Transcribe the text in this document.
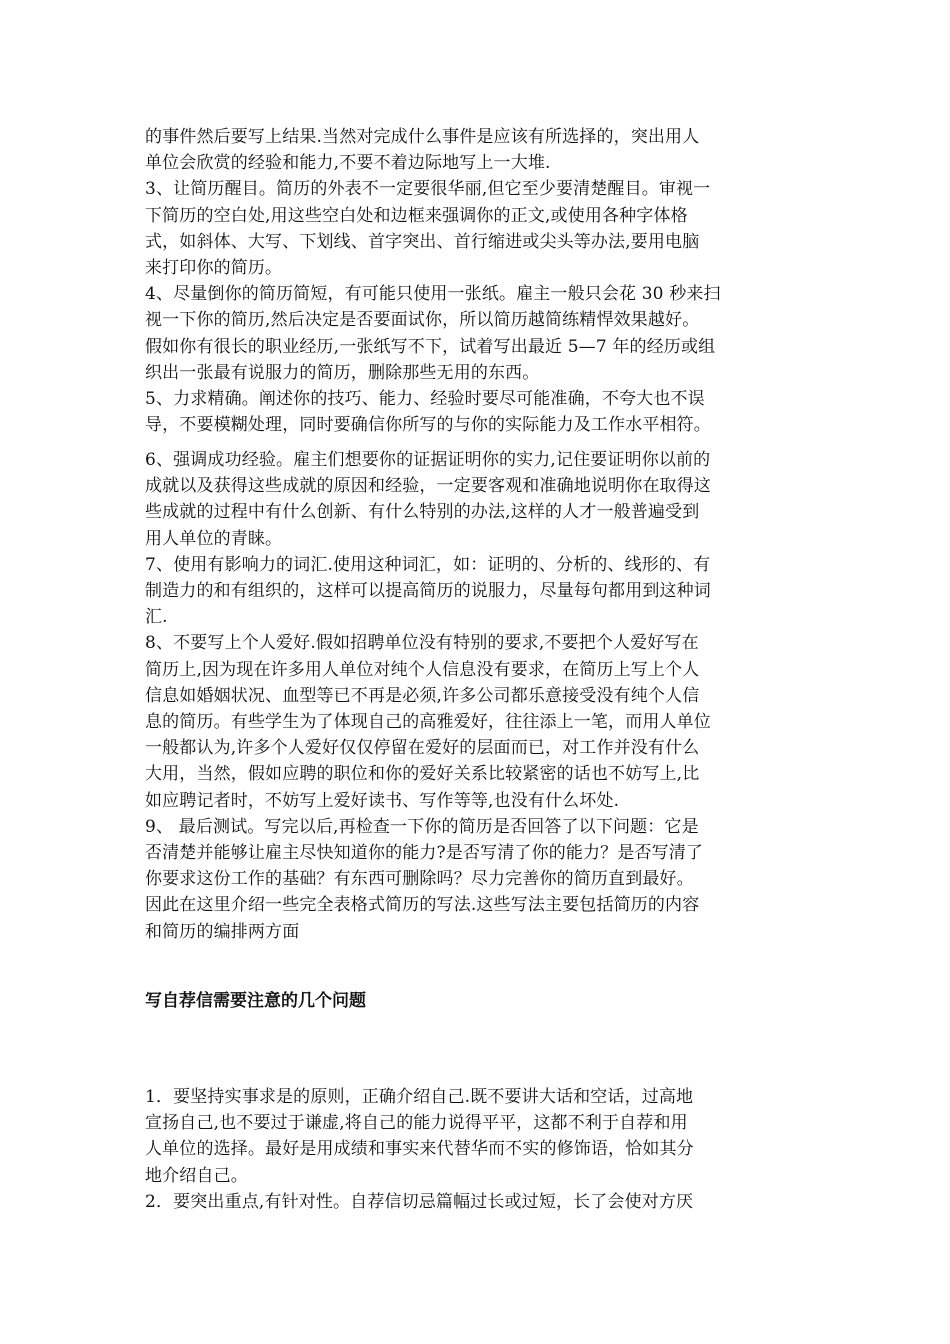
的事件然后要写上结果.当然对完成什么事件是应该有所选择的，突出用人
单位会欣赏的经验和能力,不要不着边际地写上一大堆.
3、让简历醒目。简历的外表不一定要很华丽,但它至少要清楚醒目。审视一
下简历的空白处,用这些空白处和边框来强调你的正文,或使用各种字体格
式，如斜体、大写、下划线、首字突出、首行缩进或尖头等办法,要用电脑
来打印你的简历。
4、尽量倒你的简历简短，有可能只使用一张纸。雇主一般只会花 30 秒来扫
视一下你的简历,然后决定是否要面试你，所以简历越简练精悍效果越好。
假如你有很长的职业经历,一张纸写不下，试着写出最近 5—7 年的经历或组
织出一张最有说服力的简历，删除那些无用的东西。
5、力求精确。阐述你的技巧、能力、经验时要尽可能准确，不夸大也不误
导，不要模糊处理，同时要确信你所写的与你的实际能力及工作水平相符。
6、强调成功经验。雇主们想要你的证据证明你的实力,记住要证明你以前的
成就以及获得这些成就的原因和经验，一定要客观和准确地说明你在取得这
些成就的过程中有什么创新、有什么特别的办法,这样的人才一般普遍受到
用人单位的青睐。
7、使用有影响力的词汇.使用这种词汇，如：证明的、分析的、线形的、有
制造力的和有组织的，这样可以提高简历的说服力，尽量每句都用到这种词
汇.
8、不要写上个人爱好.假如招聘单位没有特别的要求,不要把个人爱好写在
简历上,因为现在许多用人单位对纯个人信息没有要求，在简历上写上个人
信息如婚姻状况、血型等已不再是必须,许多公司都乐意接受没有纯个人信
息的简历。有些学生为了体现自己的高雅爱好，往往添上一笔，而用人单位
一般都认为,许多个人爱好仅仅停留在爱好的层面而已，对工作并没有什么
大用，当然，假如应聘的职位和你的爱好关系比较紧密的话也不妨写上,比
如应聘记者时，不妨写上爱好读书、写作等等,也没有什么坏处.
9、 最后测试。写完以后,再检查一下你的简历是否回答了以下问题：它是
否清楚并能够让雇主尽快知道你的能力?是否写清了你的能力？是否写清了
你要求这份工作的基础？有东西可删除吗？尽力完善你的简历直到最好。
因此在这里介绍一些完全表格式简历的写法.这些写法主要包括简历的内容
和简历的编排两方面
写自荐信需要注意的几个问题
1．要坚持实事求是的原则，正确介绍自己.既不要讲大话和空话，过高地
宣扬自己,也不要过于谦虚,将自己的能力说得平平，这都不利于自荐和用
人单位的选择。最好是用成绩和事实来代替华而不实的修饰语，恰如其分
地介绍自己。
2．要突出重点,有针对性。自荐信切忌篇幅过长或过短，长了会使对方厌
